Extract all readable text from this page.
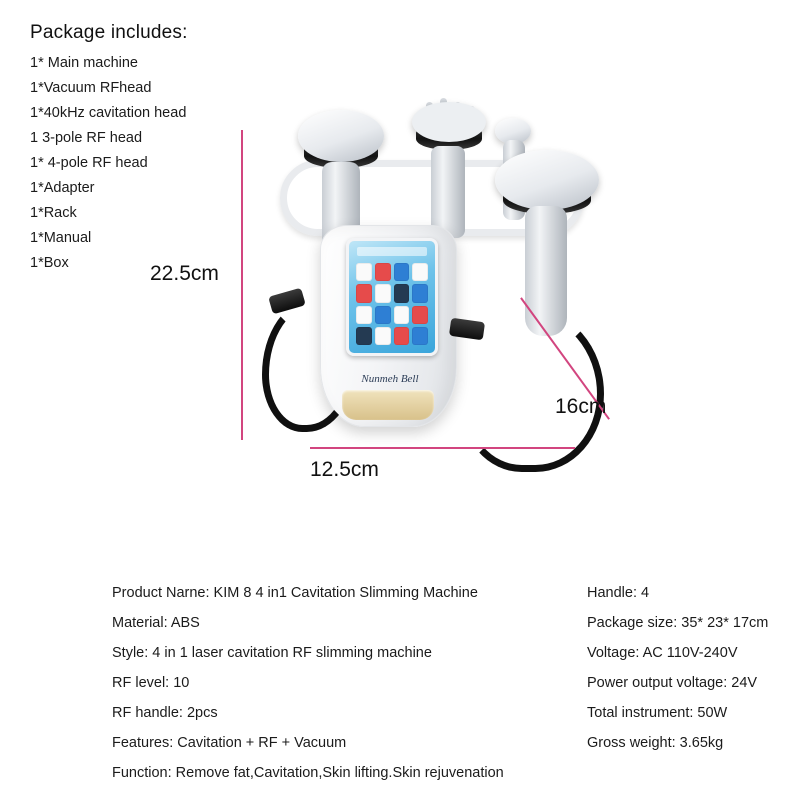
Package includes:
1* Main machine
1*Vacuum RFhead
1*40kHz cavitation head
1 3-pole RF head
1* 4-pole RF head
1*Adapter
1*Rack
1*Manual
1*Box
Nunmeh Bell
22.5cm
16cm
12.5cm
Product Narne: KIM 8 4 in1 Cavitation Slimming Machine
Material: ABS
Style: 4 in 1 laser cavitation RF slimming machine
RF level: 10
RF handle: 2pcs
Features: Cavitation + RF + Vacuum
Function: Remove fat,Cavitation,Skin lifting.Skin rejuvenation
Handle: 4
Package size: 35* 23* 17cm
Voltage: AC 110V-240V
Power output voltage: 24V
Total instrument: 50W
Gross weight: 3.65kg
